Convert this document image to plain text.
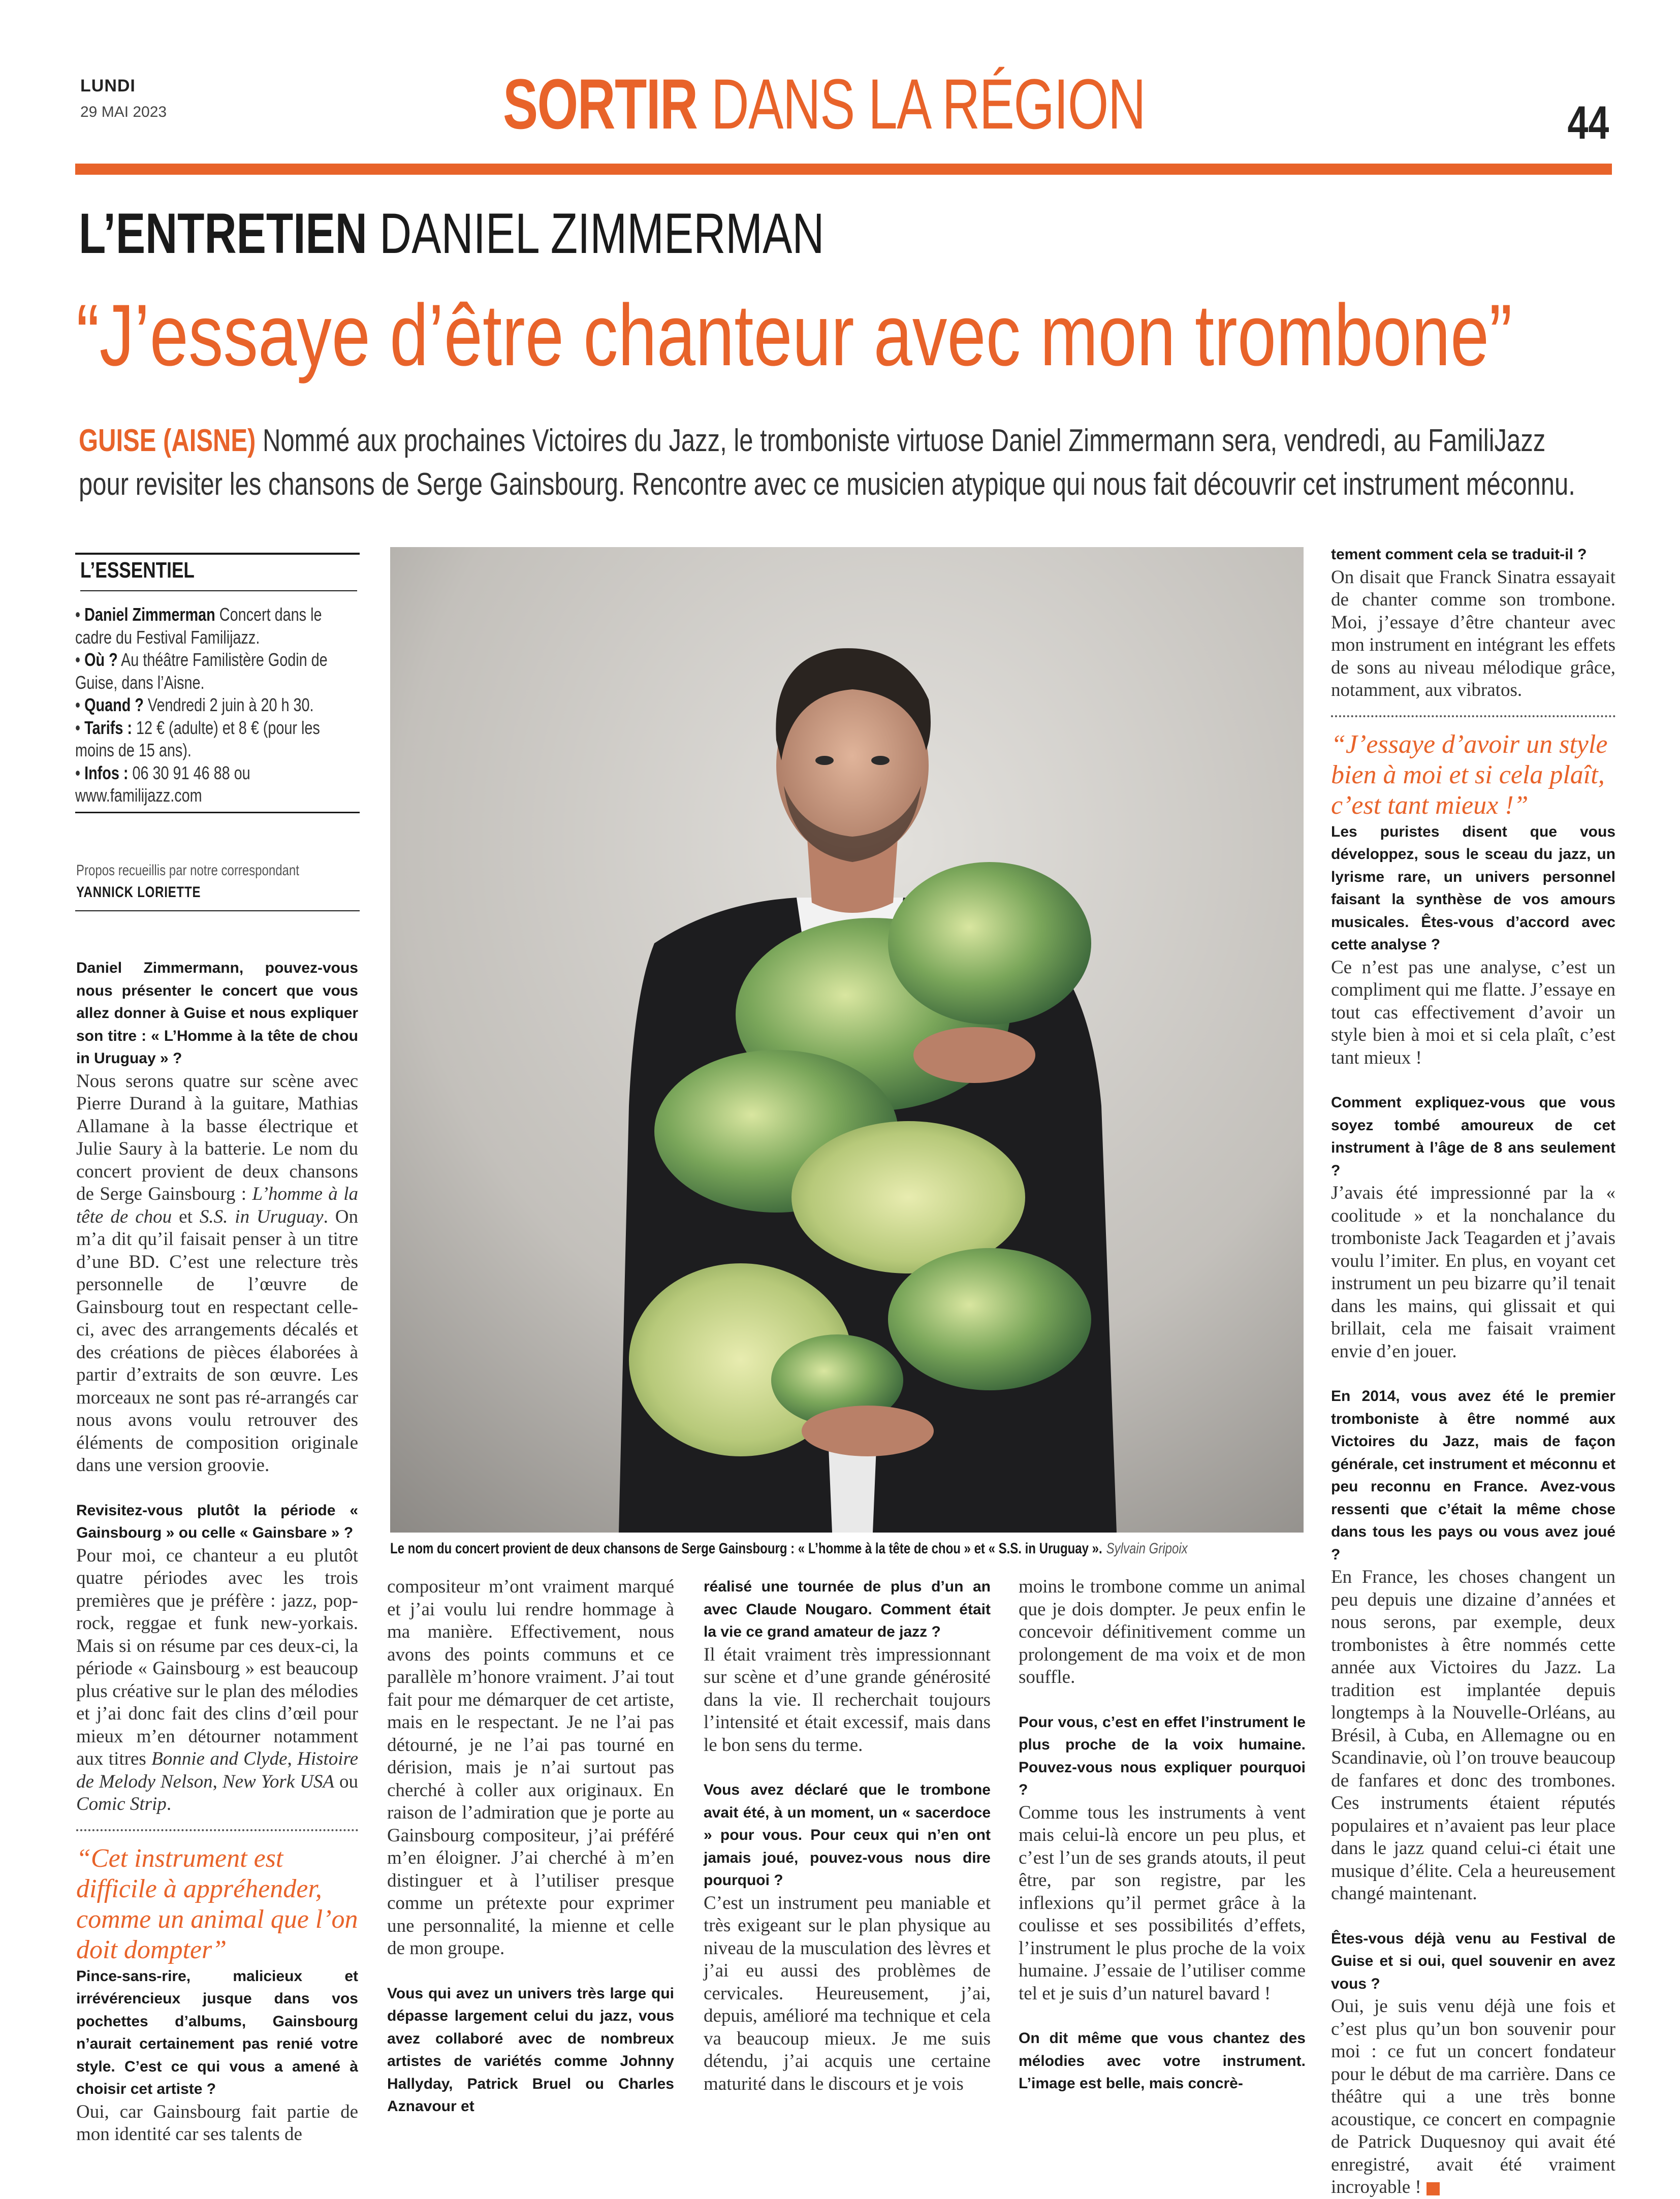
LUNDI
29 MAI 2023	SORTIR DANS LA RÉGION	44
L’ENTRETIEN DANIEL ZIMMERMAN
“J’essaye d’être chanteur avec mon trombone”
GUISE (AISNE) Nommé aux prochaines Victoires du Jazz, le tromboniste virtuose Daniel Zimmermann sera, vendredi, au FamiliJazz pour revisiter les chansons de Serge Gainsbourg. Rencontre avec ce musicien atypique qui nous fait découvrir cet instrument méconnu.
L’ESSENTIEL
• Daniel Zimmerman Concert dans le cadre du Festival Familijazz.
• Où ? Au théâtre Familistère Godin de Guise, dans l’Aisne.
• Quand ? Vendredi 2 juin à 20 h 30.
• Tarifs : 12 € (adulte) et 8 € (pour les moins de 15 ans).
• Infos : 06 30 91 46 88 ou www.familijazz.com
Propos recueillis par notre correspondant
YANNICK LORIETTE

Daniel Zimmermann, pouvez-vous nous présenter le concert que vous allez donner à Guise et nous expliquer son titre : « L’Homme à la tête de chou in Uruguay » ?

Nous serons quatre sur scène avec Pierre Durand à la guitare, Mathias Allamane à la basse électrique et Julie Saury à la batterie. Le nom du concert provient de deux chansons de Serge Gainsbourg : L’homme à la tête de chou et S.S. in Uruguay. On m’a dit qu’il faisait penser à un titre d’une BD. C’est une relecture très personnelle de l’œuvre de Gainsbourg tout en respectant celle-ci, avec des arrangements décalés et des créations de pièces élaborées à partir d’extraits de son œuvre. Les morceaux ne sont pas ré-arrangés car nous avons voulu retrouver des éléments de composition originale dans une version groovie.

Revisitez-vous plutôt la période « Gainsbourg » ou celle « Gainsbare » ?

Pour moi, ce chanteur a eu plutôt quatre périodes avec les trois premières que je préfère : jazz, pop-rock, reggae et funk new-yorkais. Mais si on résume par ces deux-ci, la période « Gainsbourg » est beaucoup plus créative sur le plan des mélodies et j’ai donc fait des clins d’œil pour mieux m’en détourner notamment aux titres Bonnie and Clyde, Histoire de Melody Nelson, New York USA ou Comic Strip.

“Cet instrument est difficile à appréhender, comme un animal que l’on doit dompter”

Pince-sans-rire, malicieux et irrévérencieux jusque dans vos pochettes d’albums, Gainsbourg n’aurait certainement pas renié votre style. C’est ce qui vous a amené à choisir cet artiste ?

Oui, car Gainsbourg fait partie de mon identité car ses talents de

Le nom du concert provient de deux chansons de Serge Gainsbourg : « L’homme à la tête de chou » et « S.S. in Uruguay ». Sylvain Gripoix

compositeur m’ont vraiment marqué et j’ai voulu lui rendre hommage à ma manière. Effectivement, nous avons des points communs et ce parallèle m’honore vraiment. J’ai tout fait pour me démarquer de cet artiste, mais en le respectant. Je ne l’ai pas détourné, je ne l’ai pas tourné en dérision, mais je n’ai surtout pas cherché à coller aux originaux. En raison de l’admiration que je porte au Gainsbourg compositeur, j’ai préféré m’en éloigner. J’ai cherché à m’en distinguer et à l’utiliser presque comme un prétexte pour exprimer une personnalité, la mienne et celle de mon groupe.

Vous qui avez un univers très large qui dépasse largement celui du jazz, vous avez collaboré avec de nombreux artistes de variétés comme Johnny Hallyday, Patrick Bruel ou Charles Aznavour et

réalisé une tournée de plus d’un an avec Claude Nougaro. Comment était la vie ce grand amateur de jazz ?

Il était vraiment très impressionnant sur scène et d’une grande générosité dans la vie. Il recherchait toujours l’intensité et était excessif, mais dans le bon sens du terme.

Vous avez déclaré que le trombone avait été, à un moment, un « sacerdoce » pour vous. Pour ceux qui n’en ont jamais joué, pouvez-vous nous dire pourquoi ?

C’est un instrument peu maniable et très exigeant sur le plan physique au niveau de la musculation des lèvres et j’ai eu aussi des problèmes de cervicales. Heureusement, j’ai, depuis, amélioré ma technique et cela va beaucoup mieux. Je me suis détendu, j’ai acquis une certaine maturité dans le discours et je vois

moins le trombone comme un animal que je dois dompter. Je peux enfin le concevoir définitivement comme un prolongement de ma voix et de mon souffle.

Pour vous, c’est en effet l’instrument le plus proche de la voix humaine. Pouvez-vous nous expliquer pourquoi ?

Comme tous les instruments à vent mais celui-là encore un peu plus, et c’est l’un de ses grands atouts, il peut être, par son registre, par les inflexions qu’il permet grâce à la coulisse et ses possibilités d’effets, l’instrument le plus proche de la voix humaine. J’essaie de l’utiliser comme tel et je suis d’un naturel bavard !

On dit même que vous chantez des mélodies avec votre instrument. L’image est belle, mais concrè-

tement comment cela se traduit-il ?

On disait que Franck Sinatra essayait de chanter comme son trombone. Moi, j’essaye d’être chanteur avec mon instrument en intégrant les effets de sons au niveau mélodique grâce, notamment, aux vibratos.

“J’essaye d’avoir un style bien à moi et si cela plaît, c’est tant mieux !”

Les puristes disent que vous développez, sous le sceau du jazz, un lyrisme rare, un univers personnel faisant la synthèse de vos amours musicales. Êtes-vous d’accord avec cette analyse ?

Ce n’est pas une analyse, c’est un compliment qui me flatte. J’essaye en tout cas effectivement d’avoir un style bien à moi et si cela plaît, c’est tant mieux !

Comment expliquez-vous que vous soyez tombé amoureux de cet instrument à l’âge de 8 ans seulement ?

J’avais été impressionné par la « coolitude » et la nonchalance du tromboniste Jack Teagarden et j’avais voulu l’imiter. En plus, en voyant cet instrument un peu bizarre qu’il tenait dans les mains, qui glissait et qui brillait, cela me faisait vraiment envie d’en jouer.

En 2014, vous avez été le premier tromboniste à être nommé aux Victoires du Jazz, mais de façon générale, cet instrument et méconnu et peu reconnu en France. Avez-vous ressenti que c’était la même chose dans tous les pays ou vous avez joué ?

En France, les choses changent un peu depuis une dizaine d’années et nous serons, par exemple, deux trombonistes à être nommés cette année aux Victoires du Jazz. La tradition est implantée depuis longtemps à la Nouvelle-Orléans, au Brésil, à Cuba, en Allemagne ou en Scandinavie, où l’on trouve beaucoup de fanfares et donc des trombones. Ces instruments étaient réputés populaires et n’avaient pas leur place dans le jazz quand celui-ci était une musique d’élite. Cela a heureusement changé maintenant.

Êtes-vous déjà venu au Festival de Guise et si oui, quel souvenir en avez vous ?

Oui, je suis venu déjà une fois et c’est plus qu’un bon souvenir pour moi : ce fut un concert fondateur pour le début de ma carrière. Dans ce théâtre qui a une très bonne acoustique, ce concert en compagnie de Patrick Duquesnoy qui avait été enregistré, avait été vraiment incroyable !
